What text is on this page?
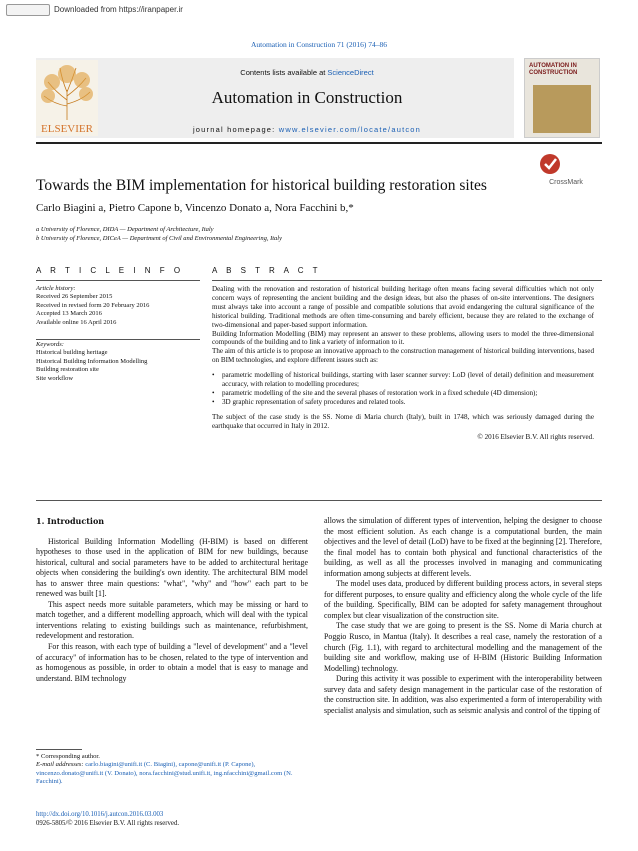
Downloaded from https://iranpaper.ir
Automation in Construction 71 (2016) 74–86
ELSEVIER
Contents lists available at ScienceDirect
Automation in Construction
journal homepage: www.elsevier.com/locate/autcon
AUTOMATION IN CONSTRUCTION
Towards the BIM implementation for historical building restoration sites	CrossMark
Carlo Biagini a, Pietro Capone b, Vincenzo Donato a, Nora Facchini b,*
a University of Florence, DIDA — Department of Architecture, Italy
b University of Florence, DICeA — Department of Civil and Environmental Engineering, Italy
A R T I C L E I N F O	A B S T R A C T
Article history:
Received 26 September 2015
Received in revised form 20 February 2016
Accepted 13 March 2016
Available online 16 April 2016
Keywords:
Historical building heritage
Historical Building Information Modelling
Building restoration site
Site workflow

Dealing with the renovation and restoration of historical building heritage often means facing several difficulties which not only concern ways of representing the ancient building and the design ideas, but also the phases of on-site interventions. The designers must always take into account a range of possible and compatible solutions that avoid endangering the cultural significance of the historical building. Traditional methods are often time-consuming and barely efficient, because they are related to the exchange of two-dimensional and paper-based support information.

Building Information Modelling (BIM) may represent an answer to these problems, allowing users to model the three-dimensional compounds of the building and to link a variety of information to it.

The aim of this article is to propose an innovative approach to the construction management of historical building interventions, based on BIM technologies, and explore different issues such as:

• parametric modelling of historical buildings, starting with laser scanner survey: LoD (level of detail) definition and measurement accuracy, with relation to modelling procedures;
• parametric modelling of the site and the several phases of restoration work in a fixed schedule (4D dimension);
• 3D graphic representation of safety procedures and related tools.

The subject of the case study is the SS. Nome di Maria church (Italy), built in 1748, which was seriously damaged during the earthquake that occurred in Italy in 2012.

© 2016 Elsevier B.V. All rights reserved.
1. Introduction

Historical Building Information Modelling (H-BIM) is based on different hypotheses to those used in the application of BIM for new buildings, because historical, cultural and social parameters have to be added to architectural heritage objects when considering the building's own identity. The architectural BIM model has to answer three main questions: "what", "why" and "how" each part to be renewed was built [1].

This aspect needs more suitable parameters, which may be missing or hard to match together, and a different modelling approach, which will deal with the typical interventions relating to existing buildings such as maintenance, refurbishment, redevelopment and restoration.

For this reason, with each type of building a "level of development" and a "level of accuracy" of information has to be chosen, related to the type of intervention and as homogenous as possible, in order to obtain a model that is easy to manage and understand. BIM technology

allows the simulation of different types of intervention, helping the designer to choose the most efficient solution. As each change is a computational burden, the main objectives and the level of detail (LoD) have to be fixed at the beginning [2]. Therefore, the final model has to contain both physical and functional characteristics of the building, as well as all the processes involved in managing and communicating information among subjects at different levels.

The model uses data, produced by different building process actors, in several steps for different purposes, to ensure quality and efficiency along the whole cycle of the life of the building. Specifically, BIM can be adopted for safety management throughout complex but clear visualization of the construction site.

The case study that we are going to present is the SS. Nome di Maria church at Poggio Rusco, in Mantua (Italy). It describes a real case, namely the restoration of a church (Fig. 1.1), with regard to architectural modelling and the management of the building site and workflow, making use of H-BIM (Historic Building Information Modelling) technology.

During this activity it was possible to experiment with the interoperability between survey data and safety design management in the particular case of the restoration of the construction site. In addition, was also experimented a form of interoperability with specialist analysis and simulation, such as seismic analysis and control of the tipping of

* Corresponding author.
E-mail addresses: carlo.biagini@unifi.it (C. Biagini), capone@unifi.it (P. Capone), vincenzo.donato@unifi.it (V. Donato), nora.facchini@stud.unifi.it, ing.nfacchini@gmail.com (N. Facchini).
http://dx.doi.org/10.1016/j.autcon.2016.03.003
0926-5805/© 2016 Elsevier B.V. All rights reserved.
